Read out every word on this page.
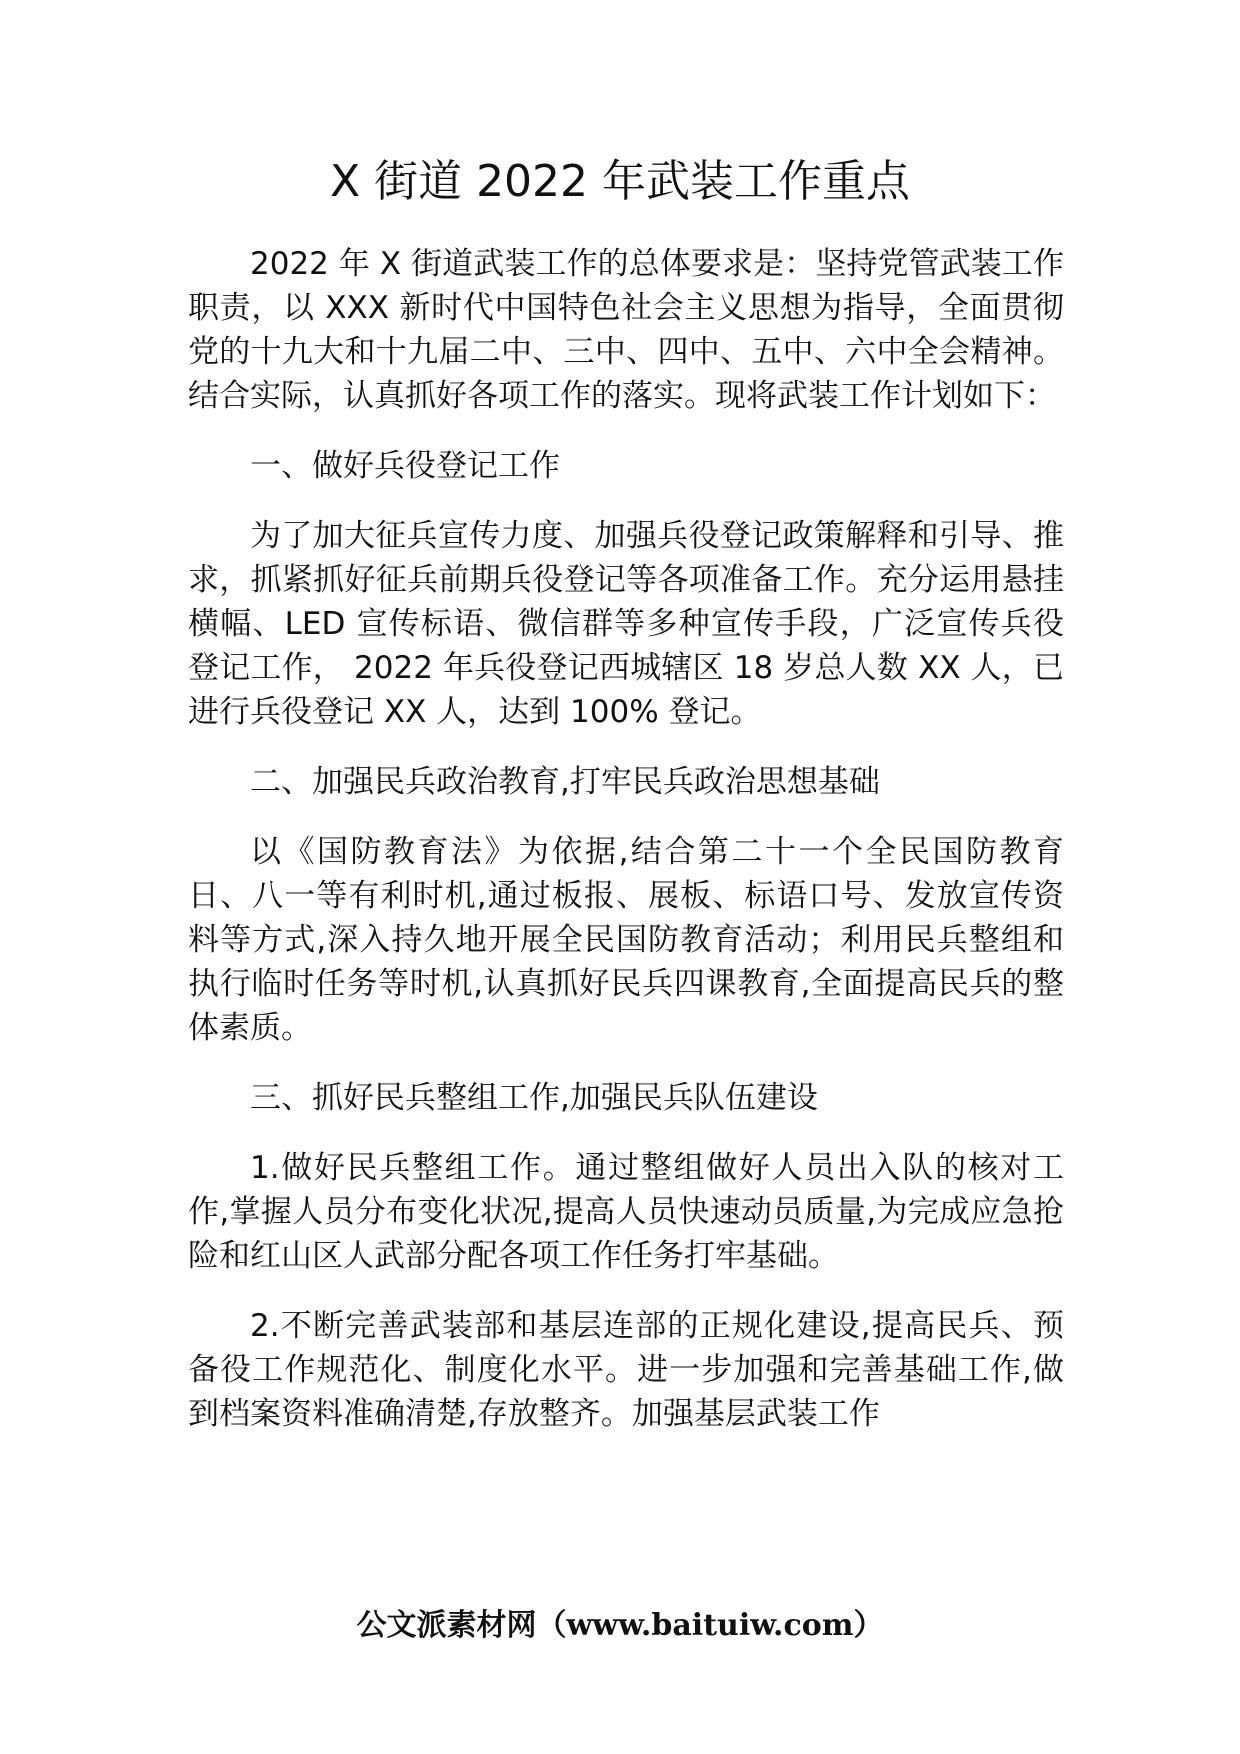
X 街道 2022 年武装工作重点

2022 年 X 街道武装工作的总体要求是：坚持党管武装工作职责，以 XXX 新时代中国特色社会主义思想为指导，全面贯彻党的十九大和十九届二中、三中、四中、五中、六中全会精神。结合实际，认真抓好各项工作的落实。现将武装工作计划如下：

一、做好兵役登记工作

为了加大征兵宣传力度、加强兵役登记政策解释和引导、推 求，抓紧抓好征兵前期兵役登记等各项准备工作。充分运用悬挂横幅、LED 宣传标语、微信群等多种宣传手段，广泛宣传兵役登记工作， 2022 年兵役登记西城辖区 18 岁总人数 XX 人，已进行兵役登记 XX 人，达到 100% 登记。

二、加强民兵政治教育,打牢民兵政治思想基础

以《国防教育法》为依据,结合第二十一个全民国防教育日、八一等有利时机,通过板报、展板、标语口号、发放宣传资料等方式,深入持久地开展全民国防教育活动；利用民兵整组和执行临时任务等时机,认真抓好民兵四课教育,全面提高民兵的整体素质。

三、抓好民兵整组工作,加强民兵队伍建设

1.做好民兵整组工作。通过整组做好人员出入队的核对工作,掌握人员分布变化状况,提高人员快速动员质量,为完成应急抢险和红山区人武部分配各项工作任务打牢基础。

2.不断完善武装部和基层连部的正规化建设,提高民兵、预备役工作规范化、制度化水平。进一步加强和完善基础工作,做到档案资料准确清楚,存放整齐。加强基层武装工作

公文派素材网（www.baituiw.com）
